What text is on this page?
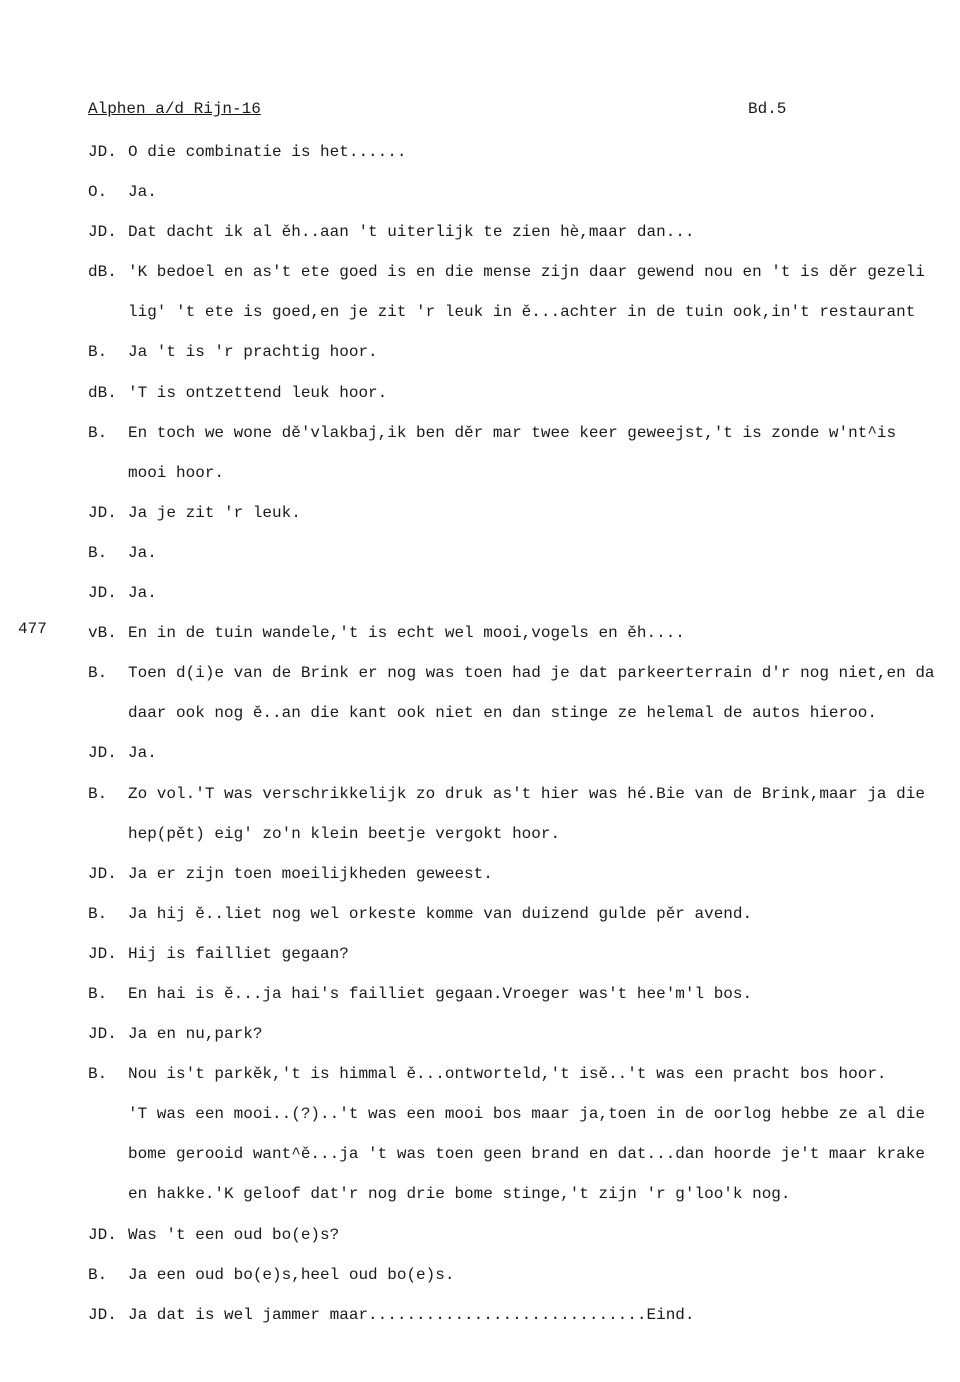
Alphen a/d Rijn-16	Bd.5
477
JD. O die combinatie is het......
O. Ja.
JD. Dat dacht ik al ěh..aan 't uiterlijk te zien hè,maar dan...
dB. 'K bedoel en as't ete goed is en die mense zijn daar gewend nou en 't is děr gezeli
lig' 't ete is goed,en je zit 'r leuk in ě...achter in de tuin ook,in't restaurant
B. Ja 't is 'r prachtig hoor.
dB. 'T is ontzettend leuk hoor.
B. En toch we wone dě'vlakbaj,ik ben děr mar twee keer geweejst,'t is zonde w'nt^is
mooi hoor.
JD. Ja je zit 'r leuk.
B. Ja.
JD. Ja.
vB. En in de tuin wandele,'t is echt wel mooi,vogels en ěh....
B. Toen d(i)e van de Brink er nog was toen had je dat parkeerterrain d'r nog niet,en da
daar ook nog ě..an die kant ook niet en dan stinge ze helemal de autos hieroo.
JD. Ja.
B. Zo vol.'T was verschrikkelijk zo druk as't hier was hé.Bie van de Brink,maar ja die
hep(pět) eig' zo'n klein beetje vergokt hoor.
JD. Ja er zijn toen moeilijkheden geweest.
B. Ja hij ě..liet nog wel orkeste komme van duizend gulde pěr avend.
JD. Hij is failliet gegaan?
B. En hai is ě...ja hai's failliet gegaan.Vroeger was't hee'm'l bos.
JD. Ja en nu,park?
B. Nou is't parkěk,'t is himmal ě...ontworteld,'t isě..'t was een pracht bos hoor.
'T was een mooi..(?)..'t was een mooi bos maar ja,toen in de oorlog hebbe ze al die
bome gerooid want^ě...ja 't was toen geen brand en dat...dan hoorde je't maar krake
en hakke.'K geloof dat'r nog drie bome stinge,'t zijn 'r g'loo'k nog.
JD. Was 't een oud bo(e)s?
B. Ja een oud bo(e)s,heel oud bo(e)s.
JD. Ja dat is wel jammer maar.............................Eind.
